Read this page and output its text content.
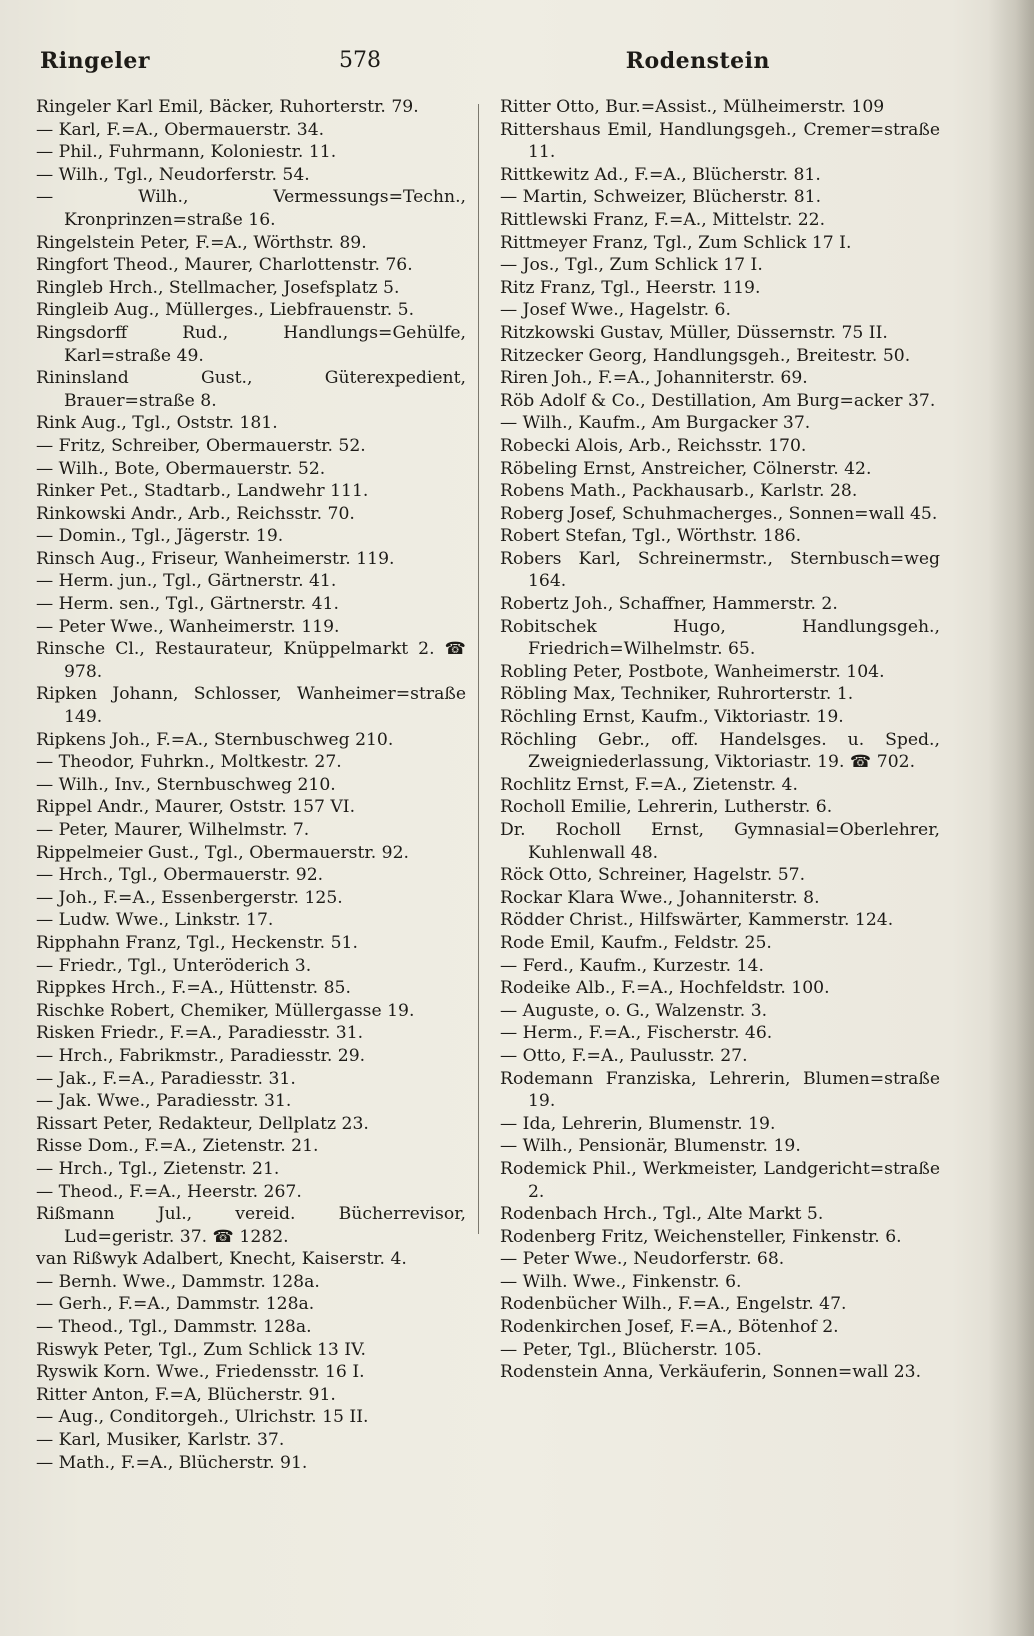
Ringeler	578	Rodenstein
Ringeler Karl Emil, Bäcker, Ruhorterstr. 79.
— Karl, F.=A., Obermauerstr. 34.
— Phil., Fuhrmann, Koloniestr. 11.
— Wilh., Tgl., Neudorferstr. 54.
— Wilh., Vermessungs=Techn., Kronprinzen=straße 16.
Ringelstein Peter, F.=A., Wörthstr. 89.
Ringfort Theod., Maurer, Charlottenstr. 76.
Ringleb Hrch., Stellmacher, Josefsplatz 5.
Ringleib Aug., Müllerges., Liebfrauenstr. 5.
Ringsdorff Rud., Handlungs=Gehülfe, Karl=straße 49.
Rininsland Gust., Güterexpedient, Brauer=straße 8.
Rink Aug., Tgl., Oststr. 181.
— Fritz, Schreiber, Obermauerstr. 52.
— Wilh., Bote, Obermauerstr. 52.
Rinker Pet., Stadtarb., Landwehr 111.
Rinkowski Andr., Arb., Reichsstr. 70.
— Domin., Tgl., Jägerstr. 19.
Rinsch Aug., Friseur, Wanheimerstr. 119.
— Herm. jun., Tgl., Gärtnerstr. 41.
— Herm. sen., Tgl., Gärtnerstr. 41.
— Peter Wwe., Wanheimerstr. 119.
Rinsche Cl., Restaurateur, Knüppelmarkt 2. ☎ 978.
Ripken Johann, Schlosser, Wanheimer=straße 149.
Ripkens Joh., F.=A., Sternbuschweg 210.
— Theodor, Fuhrkn., Moltkestr. 27.
— Wilh., Inv., Sternbuschweg 210.
Rippel Andr., Maurer, Oststr. 157 VI.
— Peter, Maurer, Wilhelmstr. 7.
Rippelmeier Gust., Tgl., Obermauerstr. 92.
— Hrch., Tgl., Obermauerstr. 92.
— Joh., F.=A., Essenbergerstr. 125.
— Ludw. Wwe., Linkstr. 17.
Ripphahn Franz, Tgl., Heckenstr. 51.
— Friedr., Tgl., Unteröderich 3.
Rippkes Hrch., F.=A., Hüttenstr. 85.
Rischke Robert, Chemiker, Müllergasse 19.
Risken Friedr., F.=A., Paradiesstr. 31.
— Hrch., Fabrikmstr., Paradiesstr. 29.
— Jak., F.=A., Paradiesstr. 31.
— Jak. Wwe., Paradiesstr. 31.
Rissart Peter, Redakteur, Dellplatz 23.
Risse Dom., F.=A., Zietenstr. 21.
— Hrch., Tgl., Zietenstr. 21.
— Theod., F.=A., Heerstr. 267.
Rißmann Jul., vereid. Bücherrevisor, Lud=geristr. 37. ☎ 1282.
van Rißwyk Adalbert, Knecht, Kaiserstr. 4.
— Bernh. Wwe., Dammstr. 128a.
— Gerh., F.=A., Dammstr. 128a.
— Theod., Tgl., Dammstr. 128a.
Riswyk Peter, Tgl., Zum Schlick 13 IV.
Ryswik Korn. Wwe., Friedensstr. 16 I.
Ritter Anton, F.=A, Blücherstr. 91.
— Aug., Conditorgeh., Ulrichstr. 15 II.
— Karl, Musiker, Karlstr. 37.
— Math., F.=A., Blücherstr. 91.
Ritter Otto, Bur.=Assist., Mülheimerstr. 109
Rittershaus Emil, Handlungsgeh., Cremer=straße 11.
Rittkewitz Ad., F.=A., Blücherstr. 81.
— Martin, Schweizer, Blücherstr. 81.
Rittlewski Franz, F.=A., Mittelstr. 22.
Rittmeyer Franz, Tgl., Zum Schlick 17 I.
— Jos., Tgl., Zum Schlick 17 I.
Ritz Franz, Tgl., Heerstr. 119.
— Josef Wwe., Hagelstr. 6.
Ritzkowski Gustav, Müller, Düssernstr. 75 II.
Ritzecker Georg, Handlungsgeh., Breitestr. 50.
Riren Joh., F.=A., Johanniterstr. 69.
Röb Adolf & Co., Destillation, Am Burg=acker 37.
— Wilh., Kaufm., Am Burgacker 37.
Robecki Alois, Arb., Reichsstr. 170.
Röbeling Ernst, Anstreicher, Cölnerstr. 42.
Robens Math., Packhausarb., Karlstr. 28.
Roberg Josef, Schuhmacherges., Sonnen=wall 45.
Robert Stefan, Tgl., Wörthstr. 186.
Robers Karl, Schreinermstr., Sternbusch=weg 164.
Robertz Joh., Schaffner, Hammerstr. 2.
Robitschek Hugo, Handlungsgeh., Friedrich=Wilhelmstr. 65.
Robling Peter, Postbote, Wanheimerstr. 104.
Röbling Max, Techniker, Ruhrorterstr. 1.
Röchling Ernst, Kaufm., Viktoriastr. 19.
Röchling Gebr., off. Handelsges. u. Sped., Zweigniederlassung, Viktoriastr. 19. ☎ 702.
Rochlitz Ernst, F.=A., Zietenstr. 4.
Rocholl Emilie, Lehrerin, Lutherstr. 6.
Dr. Rocholl Ernst, Gymnasial=Oberlehrer, Kuhlenwall 48.
Röck Otto, Schreiner, Hagelstr. 57.
Rockar Klara Wwe., Johanniterstr. 8.
Rödder Christ., Hilfswärter, Kammerstr. 124.
Rode Emil, Kaufm., Feldstr. 25.
— Ferd., Kaufm., Kurzestr. 14.
Rodeike Alb., F.=A., Hochfeldstr. 100.
— Auguste, o. G., Walzenstr. 3.
— Herm., F.=A., Fischerstr. 46.
— Otto, F.=A., Paulusstr. 27.
Rodemann Franziska, Lehrerin, Blumen=straße 19.
— Ida, Lehrerin, Blumenstr. 19.
— Wilh., Pensionär, Blumenstr. 19.
Rodemick Phil., Werkmeister, Landgericht=straße 2.
Rodenbach Hrch., Tgl., Alte Markt 5.
Rodenberg Fritz, Weichensteller, Finkenstr. 6.
— Peter Wwe., Neudorferstr. 68.
— Wilh. Wwe., Finkenstr. 6.
Rodenbücher Wilh., F.=A., Engelstr. 47.
Rodenkirchen Josef, F.=A., Bötenhof 2.
— Peter, Tgl., Blücherstr. 105.
Rodenstein Anna, Verkäuferin, Sonnen=wall 23.
